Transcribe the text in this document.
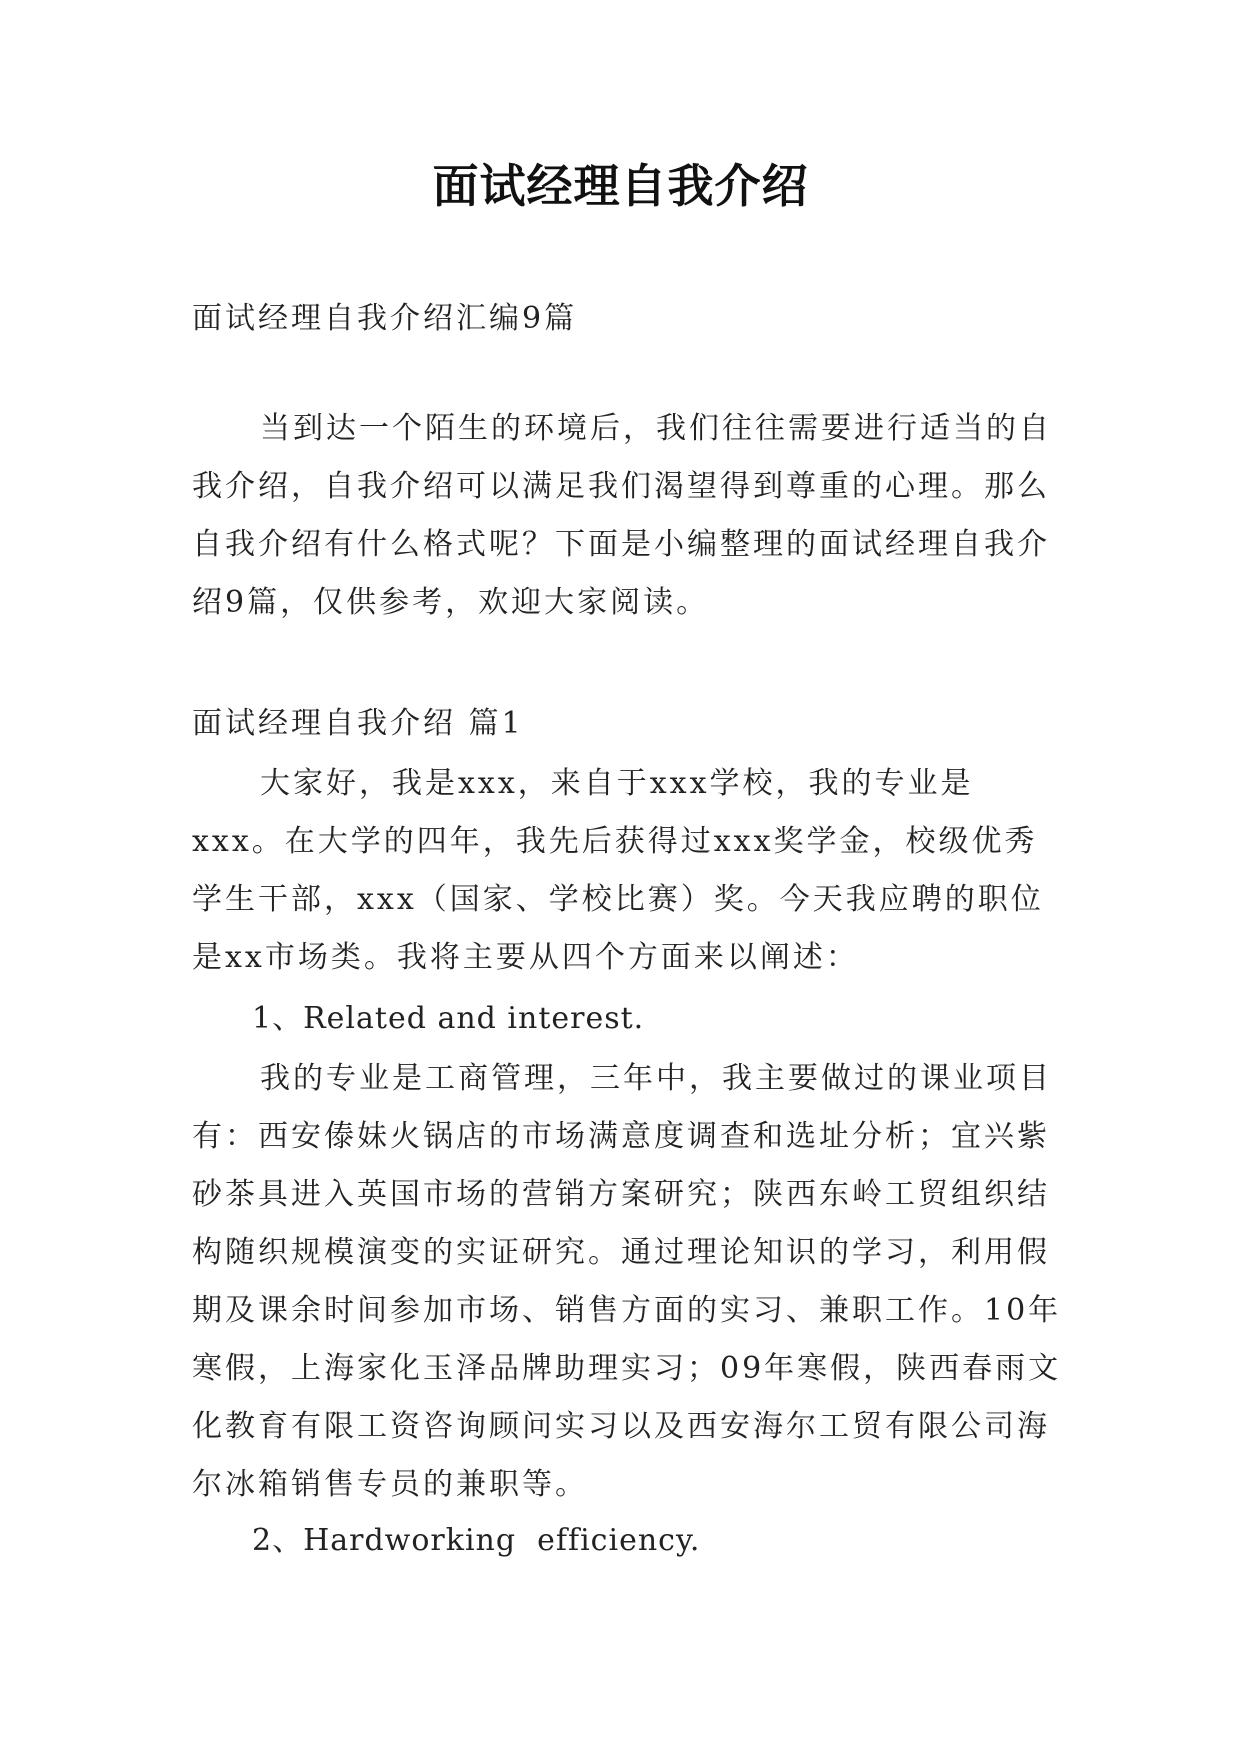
面试经理自我介绍

面试经理自我介绍汇编9篇

当到达一个陌生的环境后，我们往往需要进行适当的自我介绍，自我介绍可以满足我们渴望得到尊重的心理。那么自我介绍有什么格式呢？下面是小编整理的面试经理自我介绍9篇，仅供参考，欢迎大家阅读。

面试经理自我介绍 篇1

大家好，我是xxx，来自于xxx学校，我的专业是xxx。在大学的四年，我先后获得过xxx奖学金，校级优秀学生干部，xxx（国家、学校比赛）奖。今天我应聘的职位是xx市场类。我将主要从四个方面来以阐述：

1、Related and interest.

我的专业是工商管理，三年中，我主要做过的课业项目有：西安傣妹火锅店的市场满意度调查和选址分析；宜兴紫砂茶具进入英国市场的营销方案研究；陕西东岭工贸组织结构随织规模演变的实证研究。通过理论知识的学习，利用假期及课余时间参加市场、销售方面的实习、兼职工作。10年寒假，上海家化玉泽品牌助理实习；09年寒假，陕西春雨文化教育有限工资咨询顾问实习以及西安海尔工贸有限公司海尔冰箱销售专员的兼职等。

2、Hardworking  efficiency.
